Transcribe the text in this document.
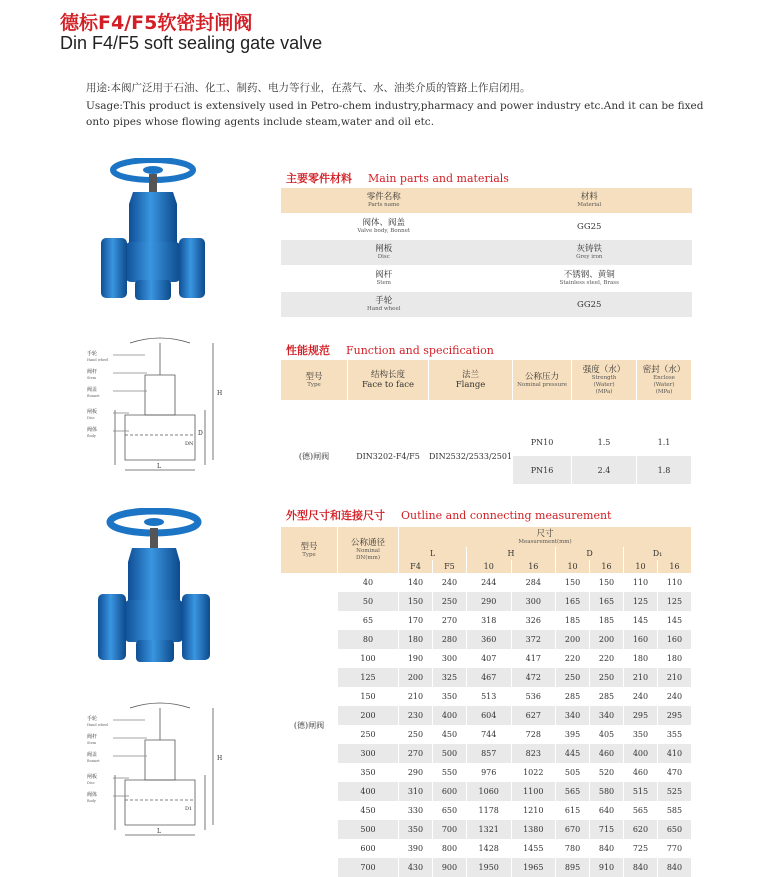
德标F4/F5软密封闸阀
Din F4/F5 soft sealing gate valve
用途:本阀广泛用于石油、化工、制药、电力等行业，在蒸气、水、油类介质的管路上作启闭用。
Usage:This product is extensively used in Petro-chem industry,pharmacy and power industry etc.And it can be fixed onto pipes whose flowing agents include steam,water and oil etc.
手轮
Hand wheel
阀杆
Stem
阀盖
Bonnet
闸板
Disc
阀体
Body
H
L
D
DN
手轮
Hand wheel
阀杆
Stem
阀盖
Bonnet
闸板
Disc
阀体
Body
H
L
D1
主要零件材料 Main parts and materials
零件名称
Parts name	材料
Material

阀体、阀盖
Valve body, Bonnet	GG25

闸板
Disc	灰铸铁
Grey iron

阀杆
Stem	不锈钢、黄铜
Stainless steel, Brass

手轮
Hand wheel	GG25
性能规范 Function and specification
型号
Type	结构长度
Face to face	法兰
Flange	公称压力
Nominal pressure	强度（水）
Strength
(Water)
(MPa)	密封（水）
Enclose
(Water)
(MPa)

(德)闸阀	DIN3202-F4/F5	DIN2532/2533/2501	PN10	1.5	1.1
			PN16	2.4	1.8
外型尺寸和连接尺寸 Outline and connecting measurement
型号
Type	公称通径
Nominal
DN(mm)	尺寸
Measurement(mm)							

		L		H		D		D₁	
		F4	F5	10	16	10	16	10	16
(德)闸阀	40	140	240	244	284	150	150	110	110
	50	150	250	290	300	165	165	125	125
	65	170	270	318	326	185	185	145	145
	80	180	280	360	372	200	200	160	160
	100	190	300	407	417	220	220	180	180
	125	200	325	467	472	250	250	210	210
	150	210	350	513	536	285	285	240	240
	200	230	400	604	627	340	340	295	295
	250	250	450	744	728	395	405	350	355
	300	270	500	857	823	445	460	400	410
	350	290	550	976	1022	505	520	460	470
	400	310	600	1060	1100	565	580	515	525
	450	330	650	1178	1210	615	640	565	585
	500	350	700	1321	1380	670	715	620	650
	600	390	800	1428	1455	780	840	725	770
	700	430	900	1950	1965	895	910	840	840
